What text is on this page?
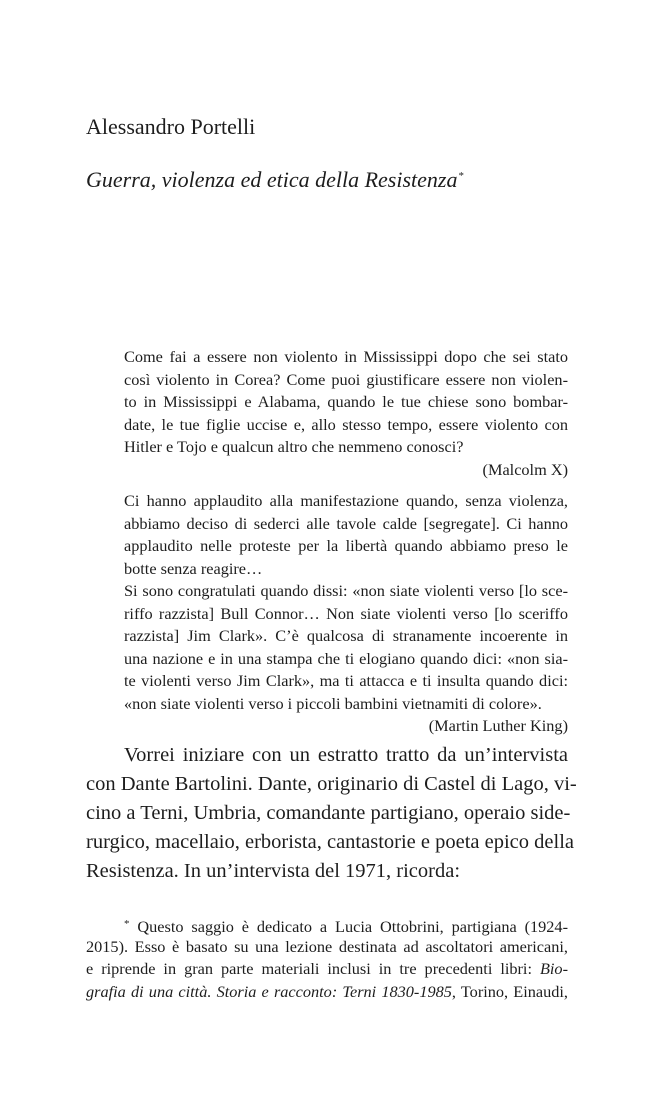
Alessandro Portelli
Guerra, violenza ed etica della Resistenza*
Come fai a essere non violento in Mississippi dopo che sei stato
così violento in Corea? Come puoi giustificare essere non violen-
to in Mississippi e Alabama, quando le tue chiese sono bombar-
date, le tue figlie uccise e, allo stesso tempo, essere violento con
Hitler e Tojo e qualcun altro che nemmeno conosci?
(Malcolm X)
Ci hanno applaudito alla manifestazione quando, senza violenza,
abbiamo deciso di sederci alle tavole calde [segregate]. Ci hanno
applaudito nelle proteste per la libertà quando abbiamo preso le
botte senza reagire…
Si sono congratulati quando dissi: «non siate violenti verso [lo sce-
riffo razzista] Bull Connor… Non siate violenti verso [lo sceriffo
razzista] Jim Clark». C’è qualcosa di stranamente incoerente in
una nazione e in una stampa che ti elogiano quando dici: «non sia-
te violenti verso Jim Clark», ma ti attacca e ti insulta quando dici:
«non siate violenti verso i piccoli bambini vietnamiti di colore».
(Martin Luther King)
Vorrei iniziare con un estratto tratto da un’intervista
con Dante Bartolini. Dante, originario di Castel di Lago, vi-
cino a Terni, Umbria, comandante partigiano, operaio side-
rurgico, macellaio, erborista, cantastorie e poeta epico della
Resistenza. In un’intervista del 1971, ricorda:
* Questo saggio è dedicato a Lucia Ottobrini, partigiana (1924-
2015). Esso è basato su una lezione destinata ad ascoltatori americani,
e riprende in gran parte materiali inclusi in tre precedenti libri: Bio-
grafia di una città. Storia e racconto: Terni 1830-1985, Torino, Einaudi,
